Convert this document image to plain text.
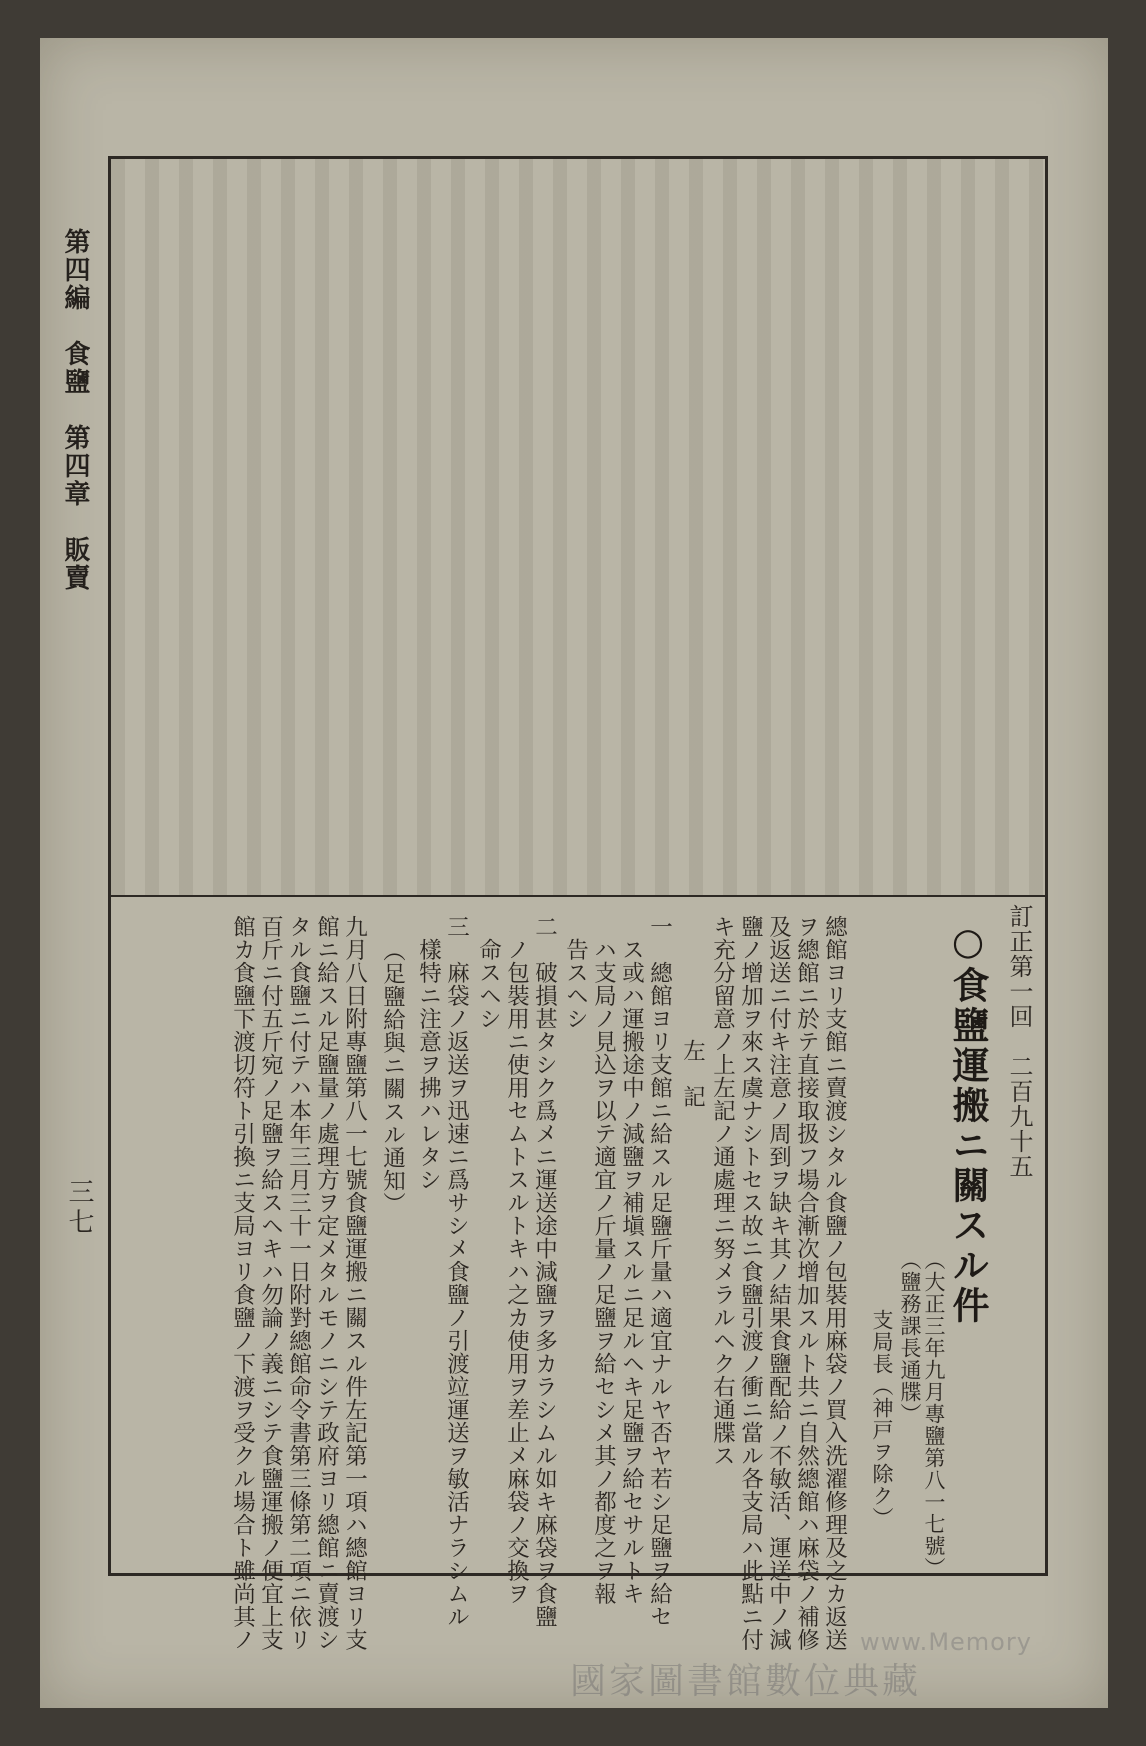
訂正第一回　二百九十五
○食鹽運搬ニ關スル件
（大正三年九月專鹽第八一七號）
（鹽務課長通牒）
支局長（神戸ヲ除ク）
總館ヨリ支館ニ賣渡シタル食鹽ノ包裝用麻袋ノ買入洗濯修理及之カ返送
ヲ總館ニ於テ直接取扱フ場合漸次增加スルト共ニ自然總館ハ麻袋ノ補修
及返送ニ付キ注意ノ周到ヲ缺キ其ノ結果食鹽配給ノ不敏活、運送中ノ減
鹽ノ增加ヲ來ス虞ナシトセス故ニ食鹽引渡ノ衝ニ當ル各支局ハ此點ニ付
キ充分留意ノ上左記ノ通處理ニ努メラルヘク右通牒ス
左　記
一　總館ヨリ支館ニ給スル足鹽斤量ハ適宜ナルヤ否ヤ若シ足鹽ヲ給セ
　ス或ハ運搬途中ノ減鹽ヲ補塡スルニ足ルヘキ足鹽ヲ給セサルトキ
　ハ支局ノ見込ヲ以テ適宜ノ斤量ノ足鹽ヲ給セシメ其ノ都度之ヲ報
　告スヘシ
二　破損甚タシク爲メニ運送途中減鹽ヲ多カラシムル如キ麻袋ヲ食鹽
　ノ包裝用ニ使用セムトスルトキハ之カ使用ヲ差止メ麻袋ノ交換ヲ
　命スヘシ
三　麻袋ノ返送ヲ迅速ニ爲サシメ食鹽ノ引渡竝運送ヲ敏活ナラシムル
　樣特ニ注意ヲ拂ハレタシ
（足鹽給與ニ關スル通知）
九月八日附專鹽第八一七號食鹽運搬ニ關スル件左記第一項ハ總館ヨリ支
館ニ給スル足鹽量ノ處理方ヲ定メタルモノニシテ政府ヨリ總館ニ賣渡シ
タル食鹽ニ付テハ本年三月三十一日附對總館命令書第三條第二項ニ依リ
百斤ニ付五斤宛ノ足鹽ヲ給スヘキハ勿論ノ義ニシテ食鹽運搬ノ便宜上支
館カ食鹽下渡切符ト引換ニ支局ヨリ食鹽ノ下渡ヲ受クル場合ト雖尚其ノ
第四編　食鹽　第四章　販賣
三七
www.Memory
國家圖書館數位典藏
